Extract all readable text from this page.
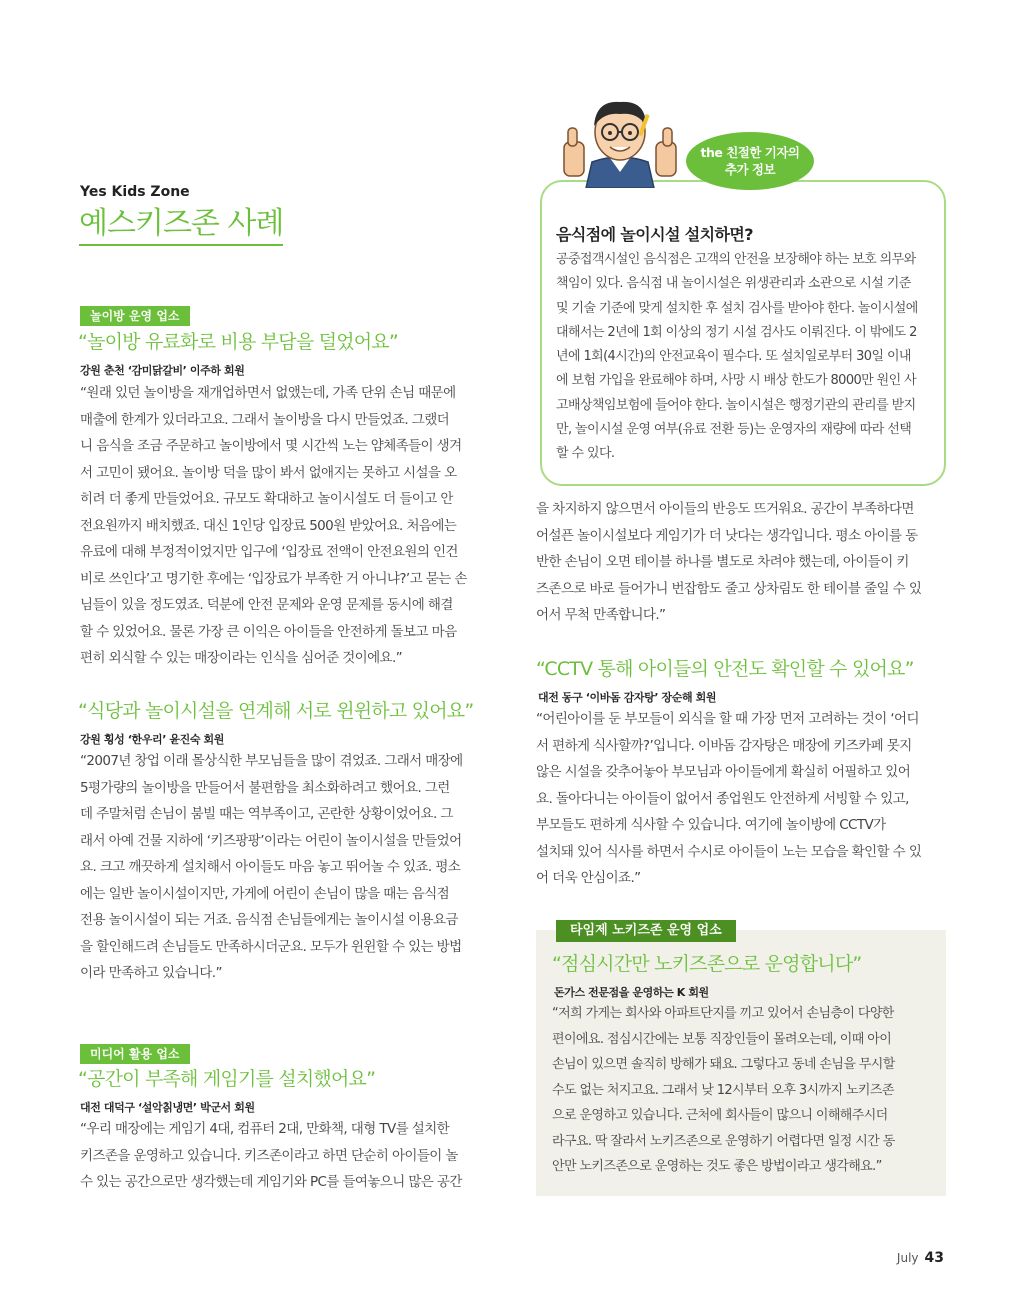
Yes Kids Zone
예스키즈존 사례
놀이방 운영 업소
“놀이방 유료화로 비용 부담을 덜었어요”
강원 춘천 ‘감미닭갈비’ 이주하 회원
“원래 있던 놀이방을 재개업하면서 없앴는데, 가족 단위 손님 때문에
매출에 한계가 있더라고요. 그래서 놀이방을 다시 만들었죠. 그랬더
니 음식을 조금 주문하고 놀이방에서 몇 시간씩 노는 얌체족들이 생겨
서 고민이 됐어요. 놀이방 덕을 많이 봐서 없애지는 못하고 시설을 오
히려 더 좋게 만들었어요. 규모도 확대하고 놀이시설도 더 들이고 안
전요원까지 배치했죠. 대신 1인당 입장료 500원 받았어요. 처음에는
유료에 대해 부정적이었지만 입구에 ‘입장료 전액이 안전요원의 인건
비로 쓰인다’고 명기한 후에는 ‘입장료가 부족한 거 아니냐?’고 묻는 손
님들이 있을 정도였죠. 덕분에 안전 문제와 운영 문제를 동시에 해결
할 수 있었어요. 물론 가장 큰 이익은 아이들을 안전하게 돌보고 마음
편히 외식할 수 있는 매장이라는 인식을 심어준 것이에요.”
“식당과 놀이시설을 연계해 서로 윈윈하고 있어요”
강원 횡성 ‘한우리’ 윤진숙 회원
“2007년 창업 이래 몰상식한 부모님들을 많이 겪었죠. 그래서 매장에
5평가량의 놀이방을 만들어서 불편함을 최소화하려고 했어요. 그런
데 주말처럼 손님이 붐빌 때는 역부족이고, 곤란한 상황이었어요. 그
래서 아예 건물 지하에 ‘키즈팡팡’이라는 어린이 놀이시설을 만들었어
요. 크고 깨끗하게 설치해서 아이들도 마음 놓고 뛰어놀 수 있죠. 평소
에는 일반 놀이시설이지만, 가게에 어린이 손님이 많을 때는 음식점
전용 놀이시설이 되는 거죠. 음식점 손님들에게는 놀이시설 이용요금
을 할인해드려 손님들도 만족하시더군요. 모두가 윈윈할 수 있는 방법
이라 만족하고 있습니다.”
미디어 활용 업소
“공간이 부족해 게임기를 설치했어요”
대전 대덕구 ‘설악칡냉면’ 박군서 회원
“우리 매장에는 게임기 4대, 컴퓨터 2대, 만화책, 대형 TV를 설치한
키즈존을 운영하고 있습니다. 키즈존이라고 하면 단순히 아이들이 놀
수 있는 공간으로만 생각했는데 게임기와 PC를 들여놓으니 많은 공간
the 친절한 기자의
추가 정보
음식점에 놀이시설 설치하면?
공중접객시설인 음식점은 고객의 안전을 보장해야 하는 보호 의무와
책임이 있다. 음식점 내 놀이시설은 위생관리과 소관으로 시설 기준
및 기술 기준에 맞게 설치한 후 설치 검사를 받아야 한다. 놀이시설에
대해서는 2년에 1회 이상의 정기 시설 검사도 이뤄진다. 이 밖에도 2
년에 1회(4시간)의 안전교육이 필수다. 또 설치일로부터 30일 이내
에 보험 가입을 완료해야 하며, 사망 시 배상 한도가 8000만 원인 사
고배상책임보험에 들어야 한다. 놀이시설은 행정기관의 관리를 받지
만, 놀이시설 운영 여부(유료 전환 등)는 운영자의 재량에 따라 선택
할 수 있다.
을 차지하지 않으면서 아이들의 반응도 뜨거워요. 공간이 부족하다면
어설픈 놀이시설보다 게임기가 더 낫다는 생각입니다. 평소 아이를 동
반한 손님이 오면 테이블 하나를 별도로 차려야 했는데, 아이들이 키
즈존으로 바로 들어가니 번잡함도 줄고 상차림도 한 테이블 줄일 수 있
어서 무척 만족합니다.”
“CCTV 통해 아이들의 안전도 확인할 수 있어요”
대전 동구 ‘이바돔 감자탕’ 장순해 회원
“어린아이를 둔 부모들이 외식을 할 때 가장 먼저 고려하는 것이 ‘어디
서 편하게 식사할까?’입니다. 이바돔 감자탕은 매장에 키즈카페 못지
않은 시설을 갖추어놓아 부모님과 아이들에게 확실히 어필하고 있어
요. 돌아다니는 아이들이 없어서 종업원도 안전하게 서빙할 수 있고,
부모들도 편하게 식사할 수 있습니다. 여기에 놀이방에 CCTV가
설치돼 있어 식사를 하면서 수시로 아이들이 노는 모습을 확인할 수 있
어 더욱 안심이죠.”
타임제 노키즈존 운영 업소
“점심시간만 노키즈존으로 운영합니다”
돈가스 전문점을 운영하는 K 회원
“저희 가게는 회사와 아파트단지를 끼고 있어서 손님층이 다양한
편이에요. 점심시간에는 보통 직장인들이 몰려오는데, 이때 아이
손님이 있으면 솔직히 방해가 돼요. 그렇다고 동네 손님을 무시할
수도 없는 처지고요. 그래서 낮 12시부터 오후 3시까지 노키즈존
으로 운영하고 있습니다. 근처에 회사들이 많으니 이해해주시더
라구요. 딱 잘라서 노키즈존으로 운영하기 어렵다면 일정 시간 동
안만 노키즈존으로 운영하는 것도 좋은 방법이라고 생각해요.”
July 43
